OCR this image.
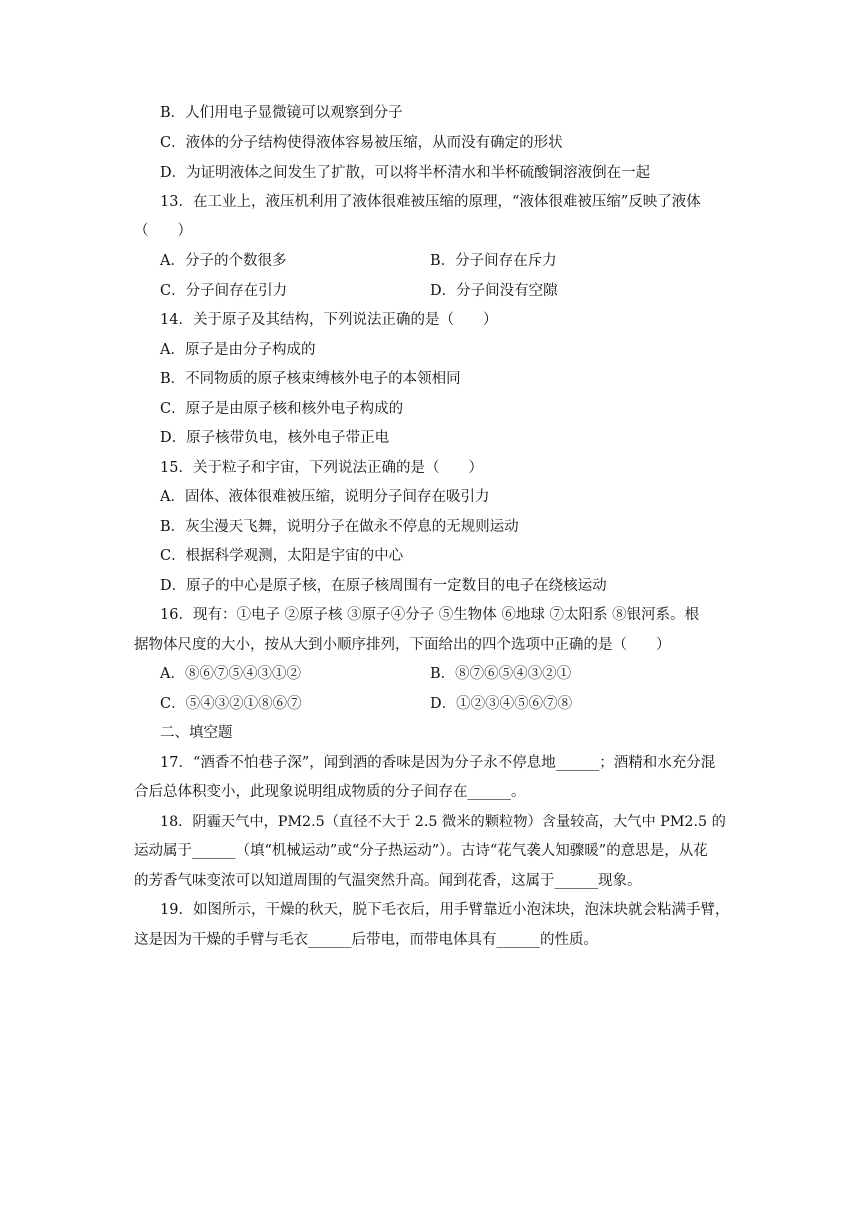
B．人们用电子显微镜可以观察到分子
C．液体的分子结构使得液体容易被压缩，从而没有确定的形状
D．为证明液体之间发生了扩散，可以将半杯清水和半杯硫酸铜溶液倒在一起
13．在工业上，液压机利用了液体很难被压缩的原理，“液体很难被压缩”反映了液体
（　　）
A．分子的个数很多	B．分子间存在斥力
C．分子间存在引力	D．分子间没有空隙
14．关于原子及其结构，下列说法正确的是（　　）
A．原子是由分子构成的
B．不同物质的原子核束缚核外电子的本领相同
C．原子是由原子核和核外电子构成的
D．原子核带负电，核外电子带正电
15．关于粒子和宇宙，下列说法正确的是（　　）
A．固体、液体很难被压缩，说明分子间存在吸引力
B．灰尘漫天飞舞，说明分子在做永不停息的无规则运动
C．根据科学观测，太阳是宇宙的中心
D．原子的中心是原子核，在原子核周围有一定数目的电子在绕核运动
16．现有：①电子 ②原子核 ③原子④分子 ⑤生物体 ⑥地球 ⑦太阳系 ⑧银河系。根
据物体尺度的大小，按从大到小顺序排列，下面给出的四个选项中正确的是（　　）
A．⑧⑥⑦⑤④③①②	B．⑧⑦⑥⑤④③②①
C．⑤④③②①⑧⑥⑦	D．①②③④⑤⑥⑦⑧
二、填空题
17．“酒香不怕巷子深”，闻到酒的香味是因为分子永不停息地______；酒精和水充分混
合后总体积变小，此现象说明组成物质的分子间存在______。
18．阴霾天气中，PM2.5（直径不大于 2.5 微米的颗粒物）含量较高，大气中 PM2.5 的
运动属于______（填“机械运动”或“分子热运动”）。古诗“花气袭人知骤暖”的意思是，从花
的芳香气味变浓可以知道周围的气温突然升高。闻到花香，这属于______现象。
19．如图所示，干燥的秋天，脱下毛衣后，用手臂靠近小泡沫块，泡沫块就会粘满手臂，
这是因为干燥的手臂与毛衣______后带电，而带电体具有______的性质。
